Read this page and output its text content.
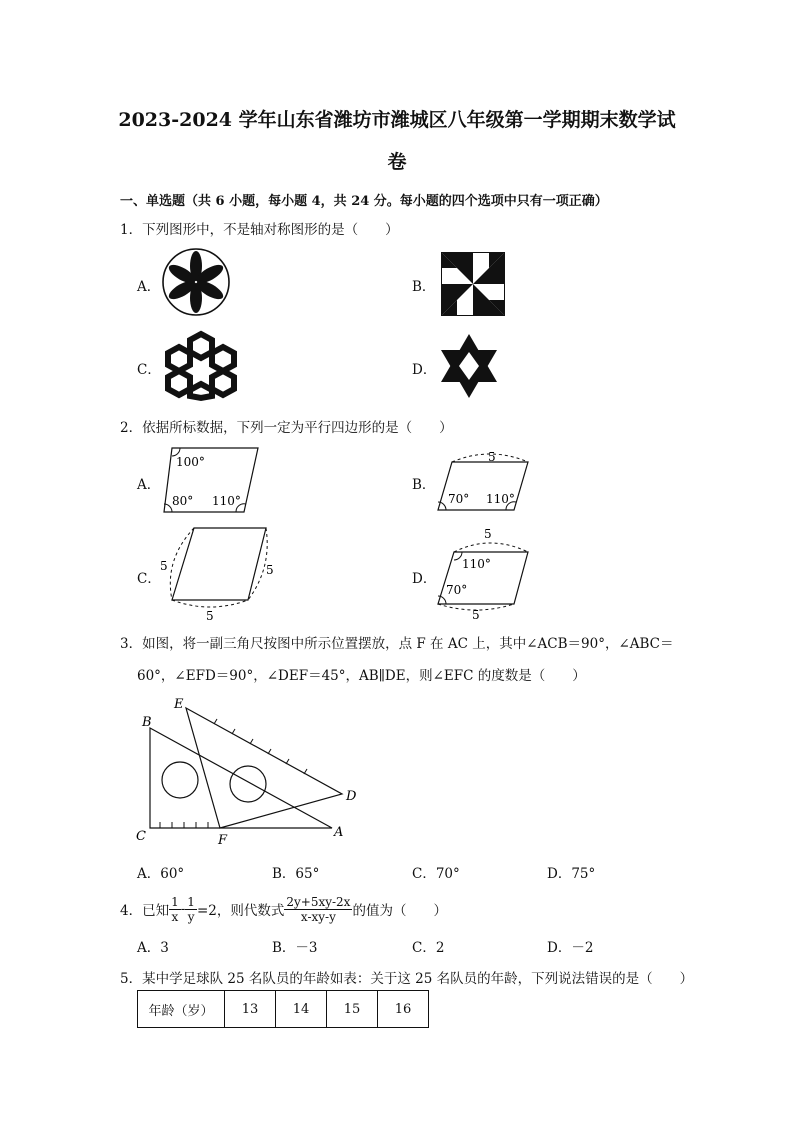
2023-2024 学年山东省潍坊市潍城区八年级第一学期期末数学试
卷
一、单选题（共 6 小题，每小题 4，共 24 分。每小题的四个选项中只有一项正确）
1．下列图形中，不是轴对称图形的是（　　）
A．	B．
C．	D．
2．依据所标数据，下列一定为平行四边形的是（　　）
A．	B．
C．	D．
100°
80° 110°
5
70° 110°
5	5
5
5
110°
70°
5
3．如图，将一副三角尺按图中所示位置摆放，点 F 在 AC 上，其中∠ACB＝90°，∠ABC＝
60°，∠EFD＝90°，∠DEF＝45°，AB∥DE，则∠EFC 的度数是（　　）
B
E
D
C	F
A
A．60°	B．65°	C．70°	D．75°
4．已知 $\frac{1}{x} - \frac{1}{y} =2$，则代数式 $\frac{2y+5xy-2x}{x-xy-y}$ 的值为（　　）
A．3	B．－3	C．2	D．－2
5．某中学足球队 25 名队员的年龄如表：关于这 25 名队员的年龄，下列说法错误的是（　　）
年龄（岁）	13	14	15	16
